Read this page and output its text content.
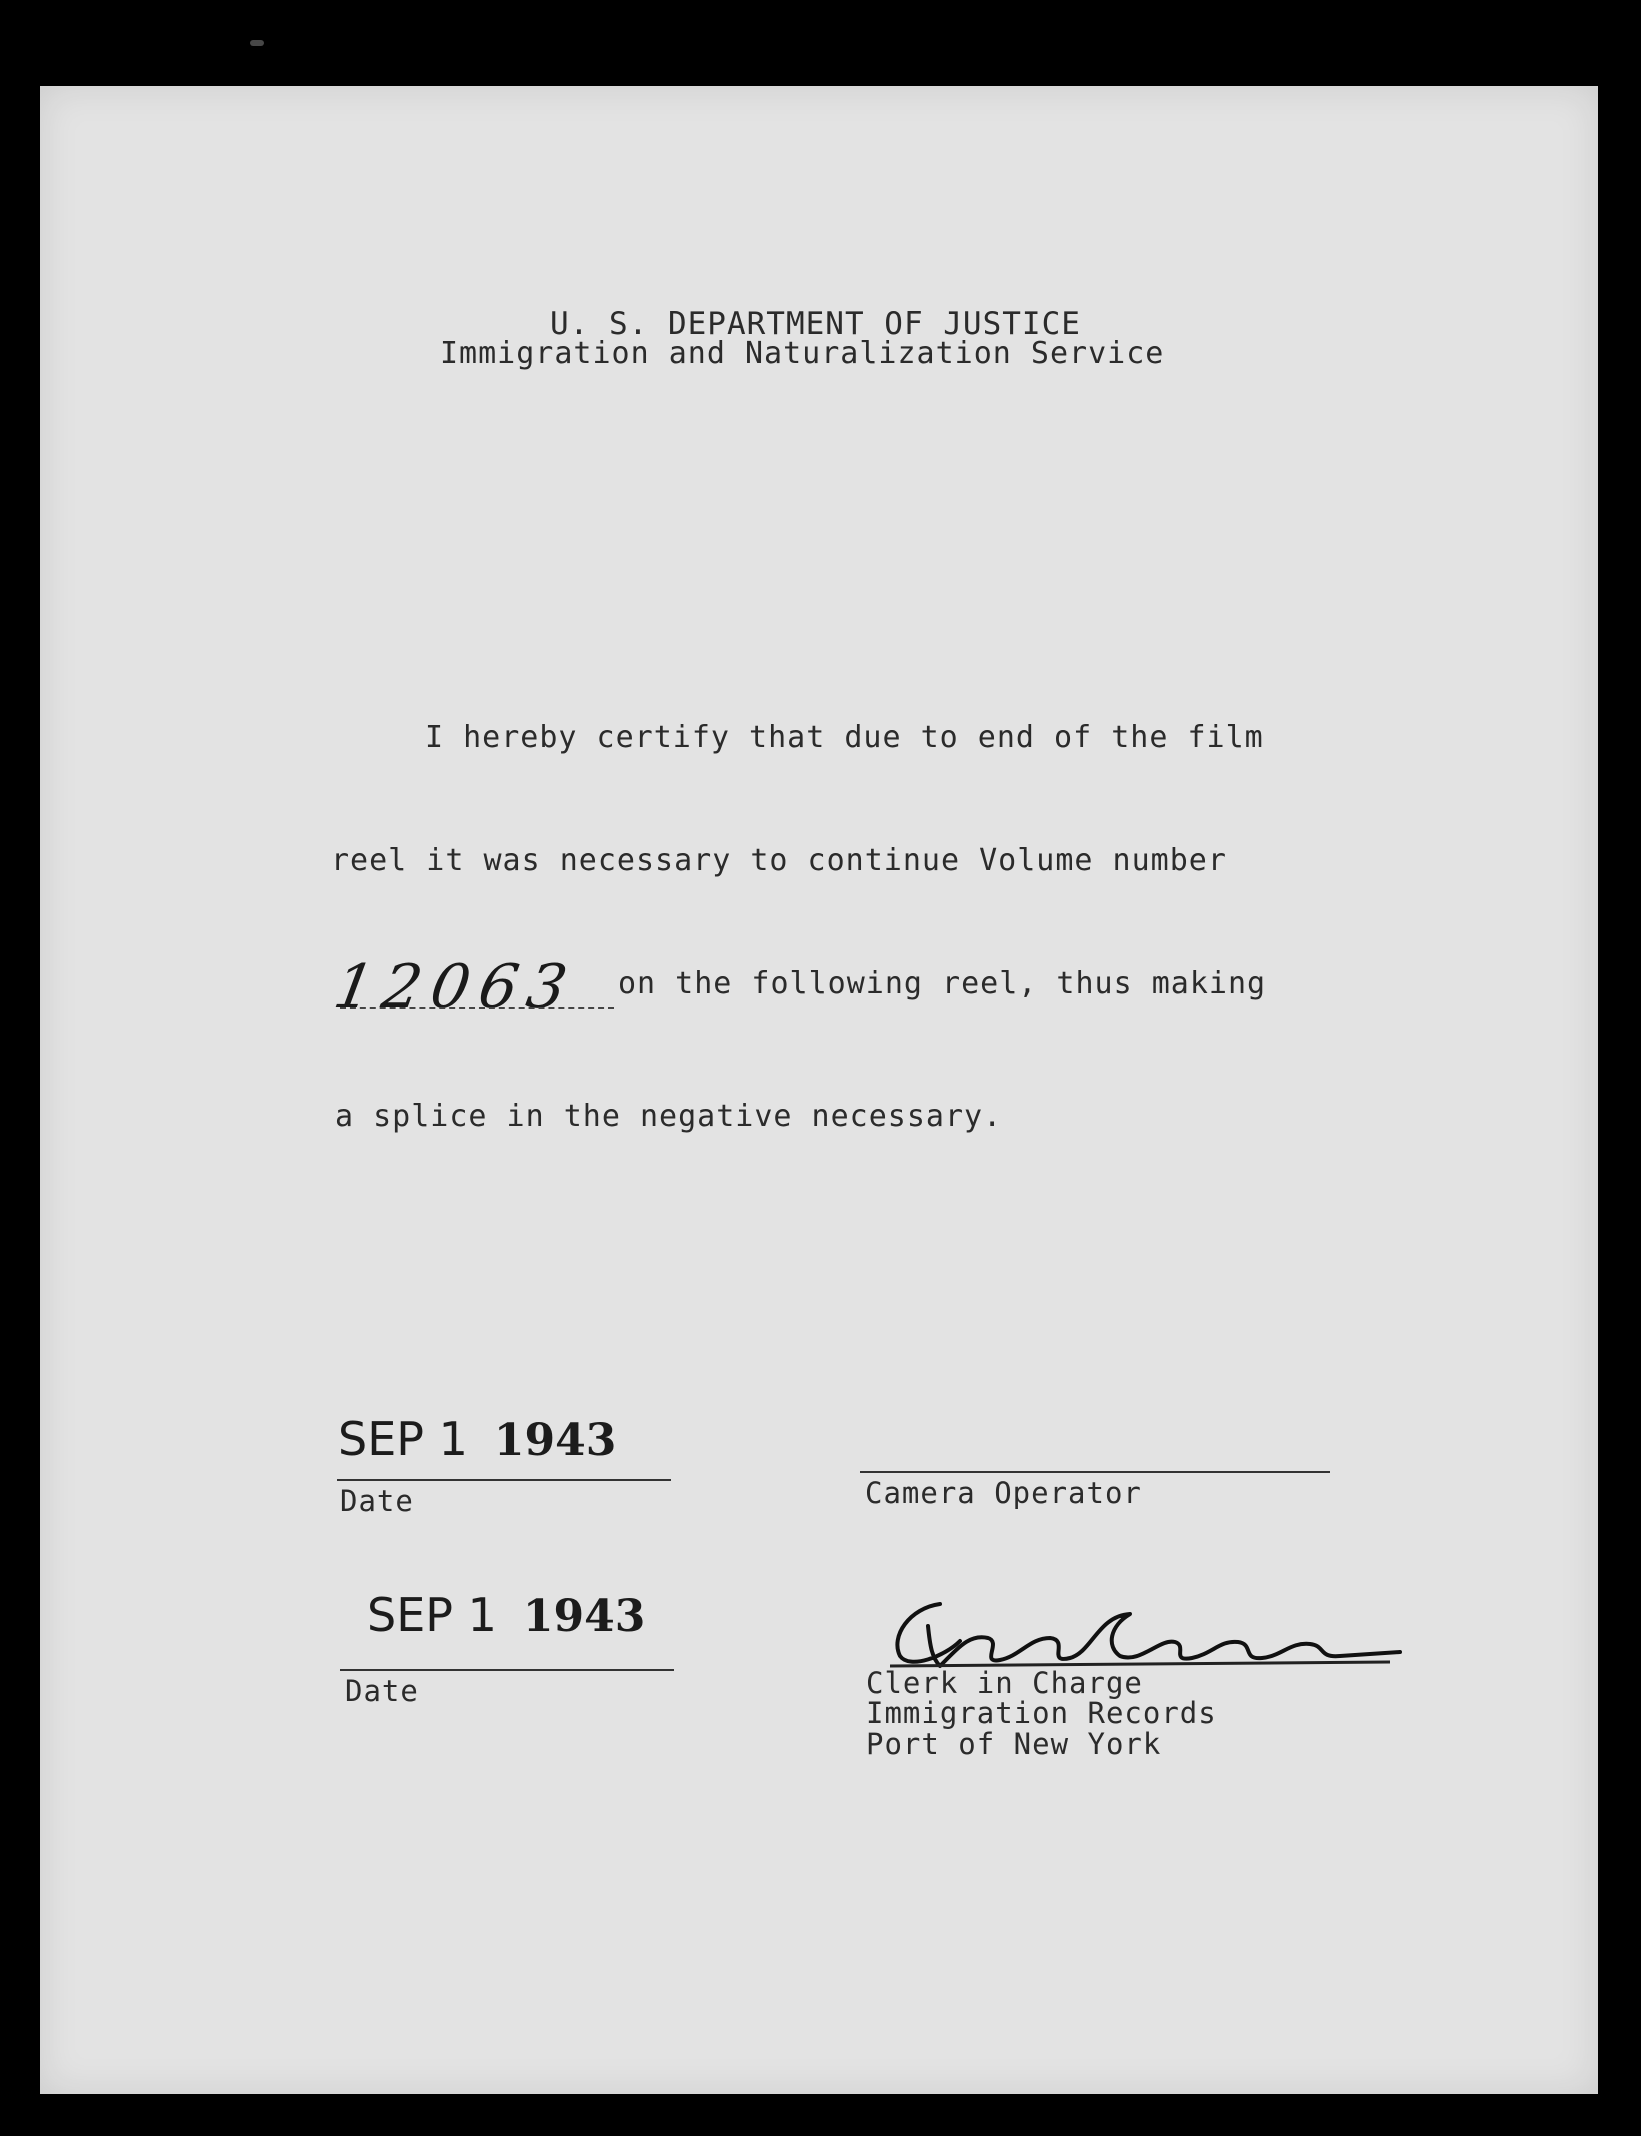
U. S. DEPARTMENT OF JUSTICE
Immigration and Naturalization Service
I hereby certify that due to end of the film
reel it was necessary to continue Volume number
12063 on the following reel, thus making
a splice in the negative necessary.
SEP 1 1943
Date	Camera Operator
SEP 1 1943
Date	Clerk in Charge
Immigration Records
Port of New York
